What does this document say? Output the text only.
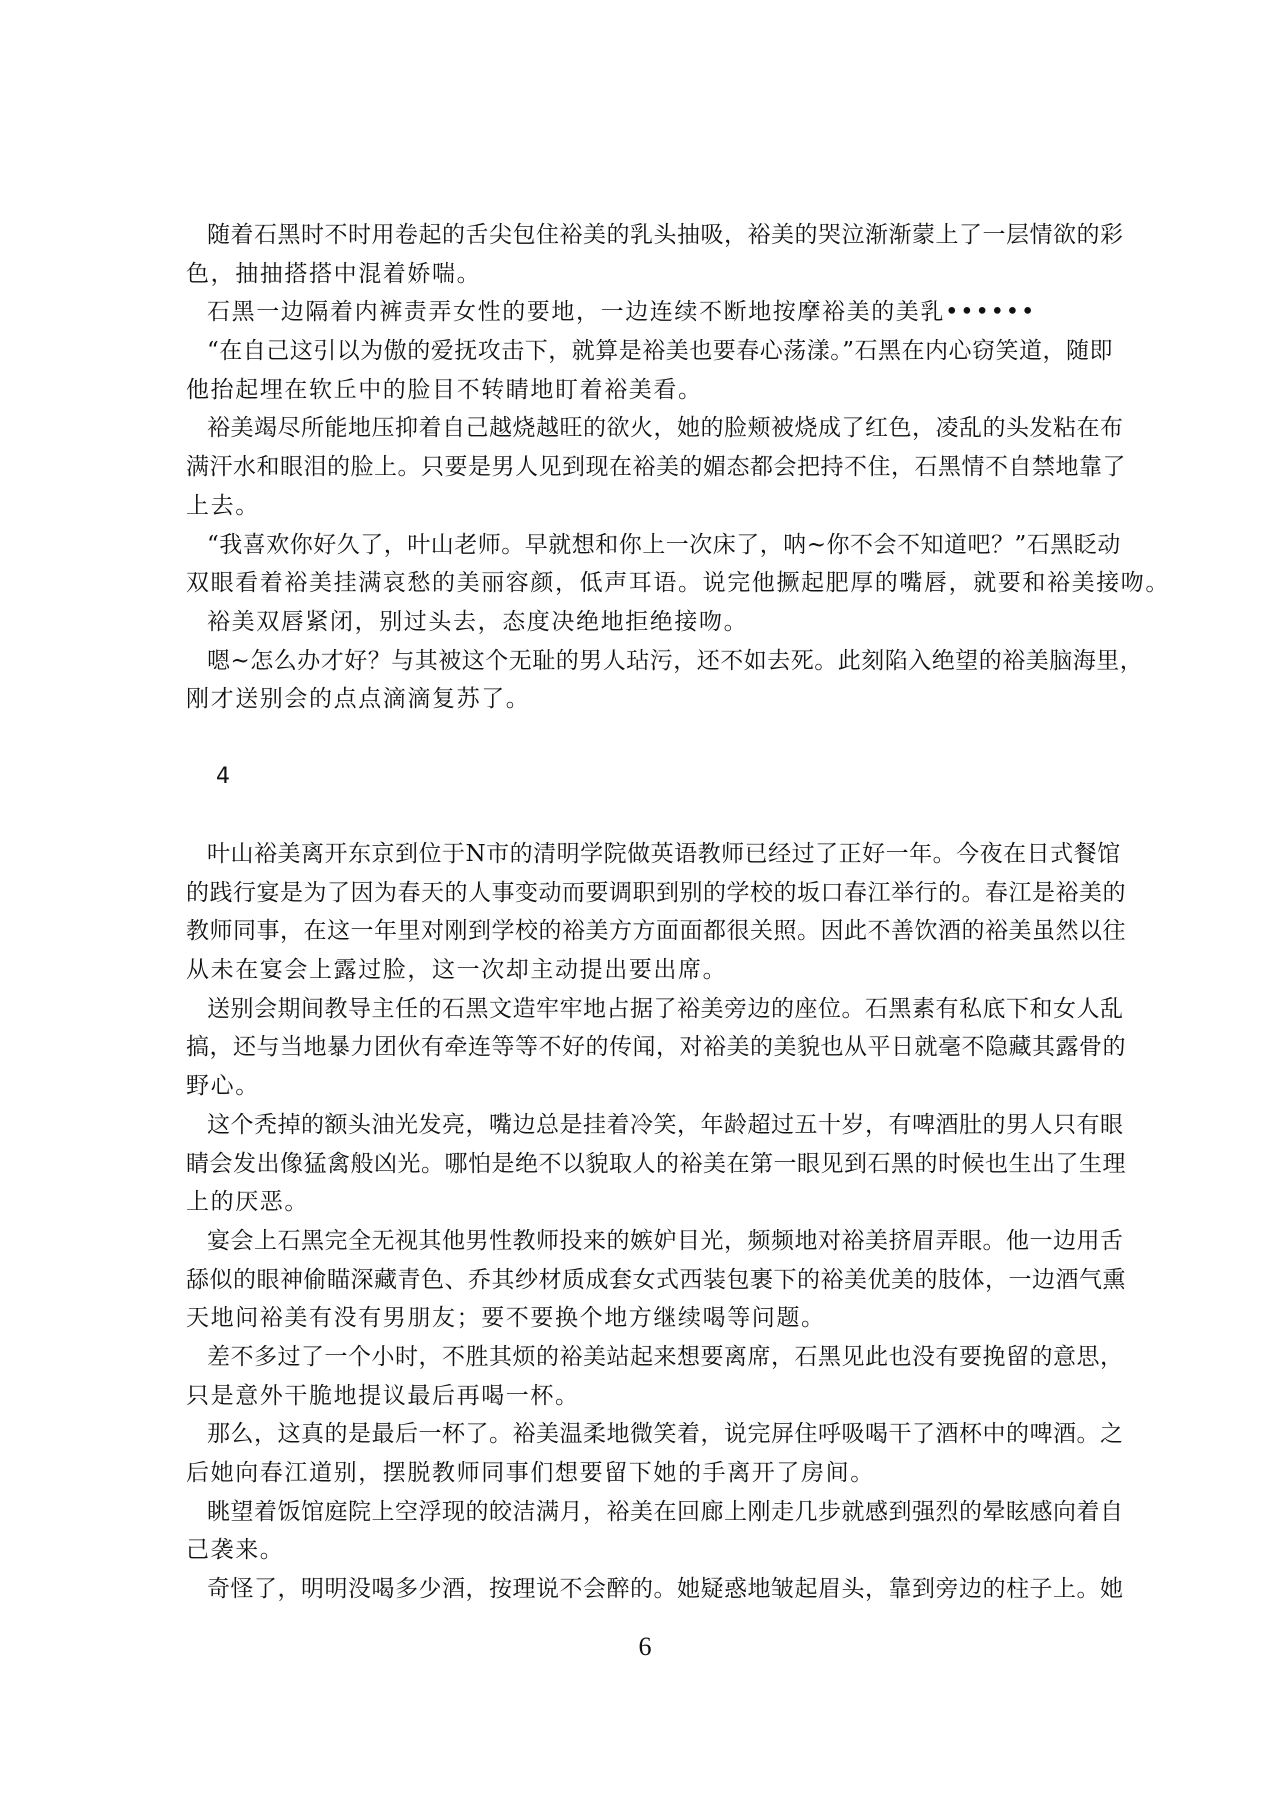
随着石黑时不时用卷起的舌尖包住裕美的乳头抽吸，裕美的哭泣渐渐蒙上了一层情欲的彩
色，抽抽搭搭中混着娇喘。
石黑一边隔着内裤责弄女性的要地，一边连续不断地按摩裕美的美乳••••••
“在自己这引以为傲的爱抚攻击下，就算是裕美也要春心荡漾。”石黑在内心窃笑道，随即
他抬起埋在软丘中的脸目不转睛地盯着裕美看。
裕美竭尽所能地压抑着自己越烧越旺的欲火，她的脸颊被烧成了红色，凌乱的头发粘在布
满汗水和眼泪的脸上。只要是男人见到现在裕美的媚态都会把持不住，石黑情不自禁地靠了
上去。
“我喜欢你好久了，叶山老师。早就想和你上一次床了，呐~你不会不知道吧？”石黑眨动
双眼看着裕美挂满哀愁的美丽容颜，低声耳语。说完他撅起肥厚的嘴唇，就要和裕美接吻。
裕美双唇紧闭，别过头去，态度决绝地拒绝接吻。
嗯~怎么办才好？与其被这个无耻的男人玷污，还不如去死。此刻陷入绝望的裕美脑海里，
刚才送别会的点点滴滴复苏了。
4
叶山裕美离开东京到位于N市的清明学院做英语教师已经过了正好一年。今夜在日式餐馆
的践行宴是为了因为春天的人事变动而要调职到别的学校的坂口春江举行的。春江是裕美的
教师同事，在这一年里对刚到学校的裕美方方面面都很关照。因此不善饮酒的裕美虽然以往
从未在宴会上露过脸，这一次却主动提出要出席。
送别会期间教导主任的石黑文造牢牢地占据了裕美旁边的座位。石黑素有私底下和女人乱
搞，还与当地暴力团伙有牵连等等不好的传闻，对裕美的美貌也从平日就毫不隐藏其露骨的
野心。
这个秃掉的额头油光发亮，嘴边总是挂着冷笑，年龄超过五十岁，有啤酒肚的男人只有眼
睛会发出像猛禽般凶光。哪怕是绝不以貌取人的裕美在第一眼见到石黑的时候也生出了生理
上的厌恶。
宴会上石黑完全无视其他男性教师投来的嫉妒目光，频频地对裕美挤眉弄眼。他一边用舌
舔似的眼神偷瞄深藏青色、乔其纱材质成套女式西装包裹下的裕美优美的肢体，一边酒气熏
天地问裕美有没有男朋友；要不要换个地方继续喝等问题。
差不多过了一个小时，不胜其烦的裕美站起来想要离席，石黑见此也没有要挽留的意思，
只是意外干脆地提议最后再喝一杯。
那么，这真的是最后一杯了。裕美温柔地微笑着，说完屏住呼吸喝干了酒杯中的啤酒。之
后她向春江道别，摆脱教师同事们想要留下她的手离开了房间。
眺望着饭馆庭院上空浮现的皎洁满月，裕美在回廊上刚走几步就感到强烈的晕眩感向着自
己袭来。
奇怪了，明明没喝多少酒，按理说不会醉的。她疑惑地皱起眉头，靠到旁边的柱子上。她
6
